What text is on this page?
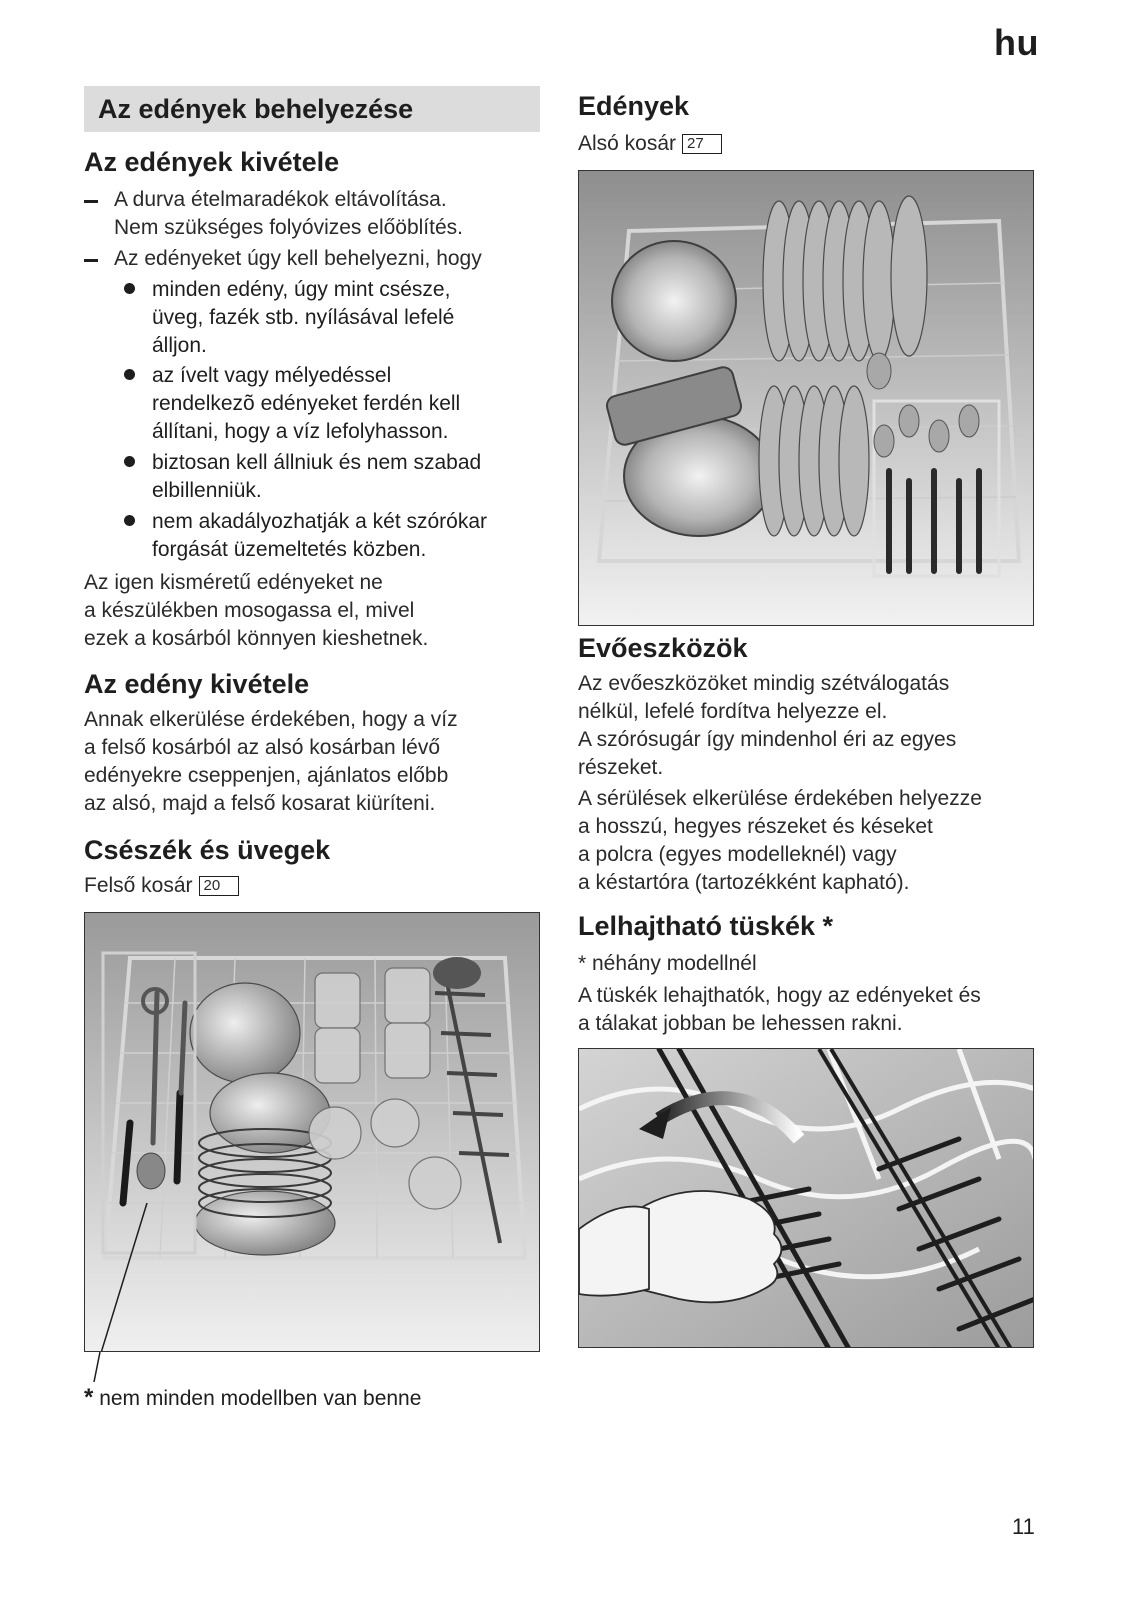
hu
Az edények behelyezése
Az edények kivétele
A durva ételmaradékok eltávolítása.
Nem szükséges folyóvizes előöblítés.
Az edényeket úgy kell behelyezni, hogy
minden edény, úgy mint csésze,
üveg, fazék stb. nyílásával lefelé
álljon.
az ívelt vagy mélyedéssel
rendelkezõ edényeket ferdén kell
állítani, hogy a víz lefolyhasson.
biztosan kell állniuk és nem szabad
elbillenniük.
nem akadályozhatják a két szórókar
forgását üzemeltetés közben.

Az igen kisméretű edényeket ne
a készülékben mosogassa el, mivel
ezek a kosárból könnyen kieshetnek.

Az edény kivétele

Annak elkerülése érdekében, hogy a víz
a felső kosárból az alsó kosárban lévő
edényekre cseppenjen, ajánlatos előbb
az alsó, majd a felső kosarat kiüríteni.

Csészék és üvegek
Felső kosár 20
* nem minden modellben van benne
Edények
Alsó kosár 27
Evőeszközök

Az evőeszközöket mindig szétválogatás
nélkül, lefelé fordítva helyezze el.
A szórósugár így mindenhol éri az egyes
részeket.

A sérülések elkerülése érdekében helyezze
a hosszú, hegyes részeket és késeket
a polcra (egyes modelleknél) vagy
a késtartóra (tartozékként kapható).

Lelhajtható tüskék *
* néhány modellnél

A tüskék lehajthatók, hogy az edényeket és
a tálakat jobban be lehessen rakni.

11
